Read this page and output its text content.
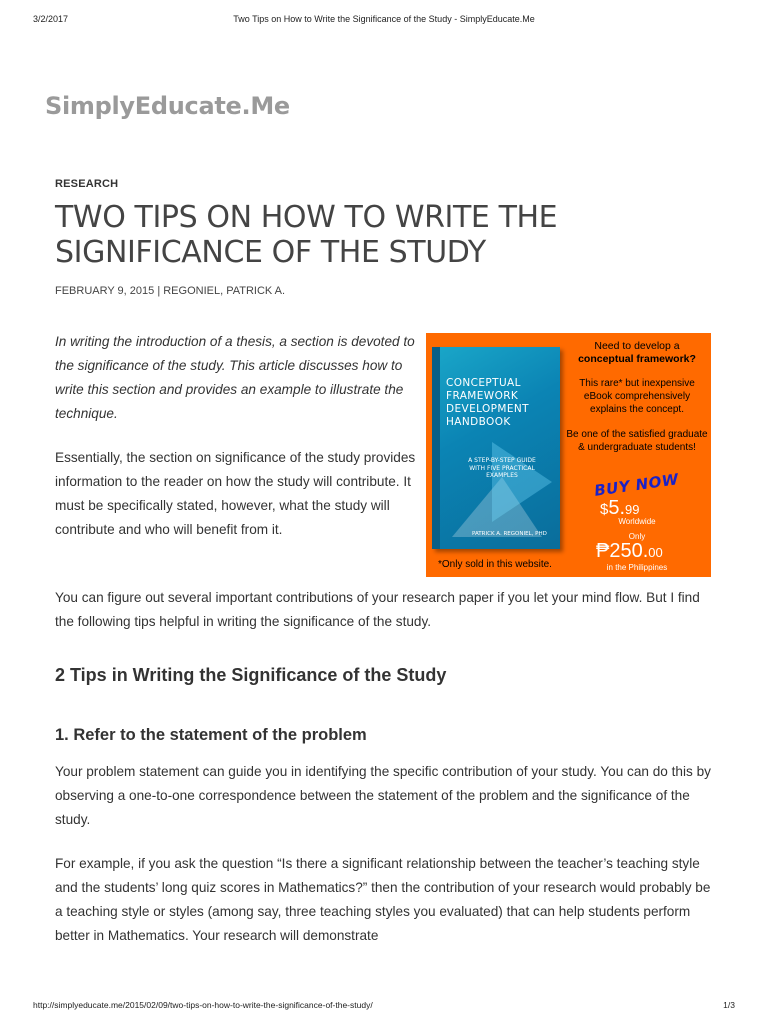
3/2/2017	Two Tips on How to Write the Significance of the Study - SimplyEducate.Me
SimplyEducate.Me
RESEARCH
TWO TIPS ON HOW TO WRITE THE SIGNIFICANCE OF THE STUDY
FEBRUARY 9, 2015 | REGONIEL, PATRICK A.

In writing the introduction of a thesis, a section is devoted to the significance of the study. This article discusses how to write this section and provides an example to illustrate the technique.

Essentially, the section on significance of the study provides information to the reader on how the study will contribute. It must be specifically stated, however, what the study will contribute and who will benefit from it.

CONCEPTUAL FRAMEWORK DEVELOPMENT HANDBOOK
A STEP-BY-STEP GUIDE WITH FIVE PRACTICAL EXAMPLES
PATRICK A. REGONIEL, PHD
Need to develop a
conceptual framework?
This rare* but inexpensive eBook comprehensively explains the concept.
Be one of the satisfied graduate & undergraduate students!
BUY NOW
$5.99
Worldwide
Only
₱250.00
in the Philippines
*Only sold in this website.

You can figure out several important contributions of your research paper if you let your mind flow. But I find the following tips helpful in writing the significance of the study.

2 Tips in Writing the Significance of the Study
1. Refer to the statement of the problem

Your problem statement can guide you in identifying the specific contribution of your study. You can do this by observing a one-to-one correspondence between the statement of the problem and the significance of the study.

For example, if you ask the question “Is there a significant relationship between the teacher’s teaching style and the students’ long quiz scores in Mathematics?” then the contribution of your research would probably be a teaching style or styles (among say, three teaching styles you evaluated) that can help students perform better in Mathematics. Your research will demonstrate

http://simplyeducate.me/2015/02/09/two-tips-on-how-to-write-the-significance-of-the-study/	1/3
